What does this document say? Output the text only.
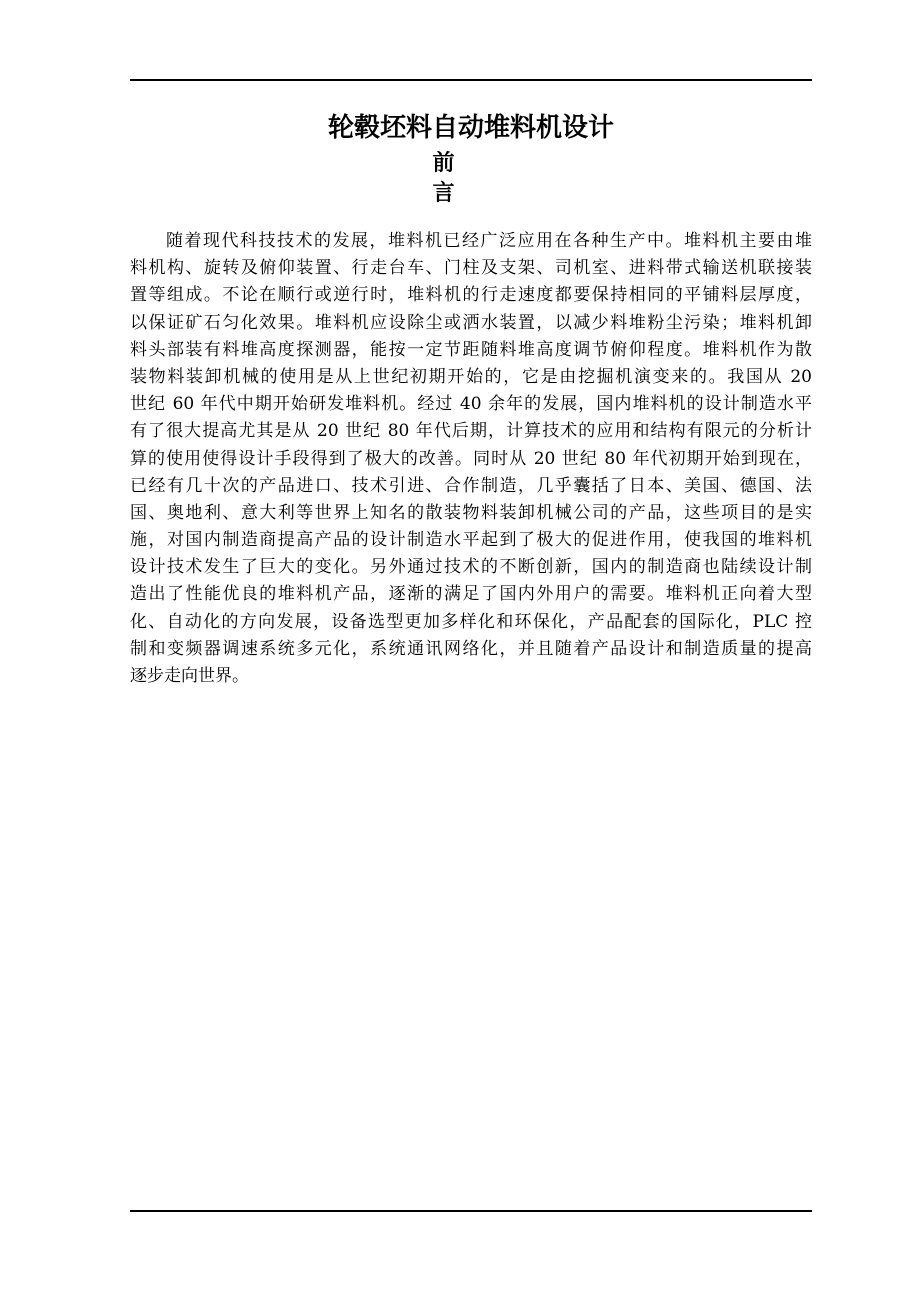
轮毂坯料自动堆料机设计
前言
随着现代科技技术的发展，堆料机已经广泛应用在各种生产中。堆料机主要由堆
料机构、旋转及俯仰装置、行走台车、门柱及支架、司机室、进料带式输送机联接装
置等组成。不论在顺行或逆行时，堆料机的行走速度都要保持相同的平铺料层厚度，
以保证矿石匀化效果。堆料机应设除尘或洒水装置，以减少料堆粉尘污染；堆料机卸
料头部装有料堆高度探测器，能按一定节距随料堆高度调节俯仰程度。堆料机作为散
装物料装卸机械的使用是从上世纪初期开始的，它是由挖掘机演变来的。我国从 20
世纪 60 年代中期开始研发堆料机。经过 40 余年的发展，国内堆料机的设计制造水平
有了很大提高尤其是从 20 世纪 80 年代后期，计算技术的应用和结构有限元的分析计
算的使用使得设计手段得到了极大的改善。同时从 20 世纪 80 年代初期开始到现在，
已经有几十次的产品进口、技术引进、合作制造，几乎囊括了日本、美国、德国、法
国、奥地利、意大利等世界上知名的散装物料装卸机械公司的产品，这些项目的是实
施，对国内制造商提高产品的设计制造水平起到了极大的促进作用，使我国的堆料机
设计技术发生了巨大的变化。另外通过技术的不断创新，国内的制造商也陆续设计制
造出了性能优良的堆料机产品，逐渐的满足了国内外用户的需要。堆料机正向着大型
化、自动化的方向发展，设备选型更加多样化和环保化，产品配套的国际化，PLC 控
制和变频器调速系统多元化，系统通讯网络化，并且随着产品设计和制造质量的提高
逐步走向世界。
